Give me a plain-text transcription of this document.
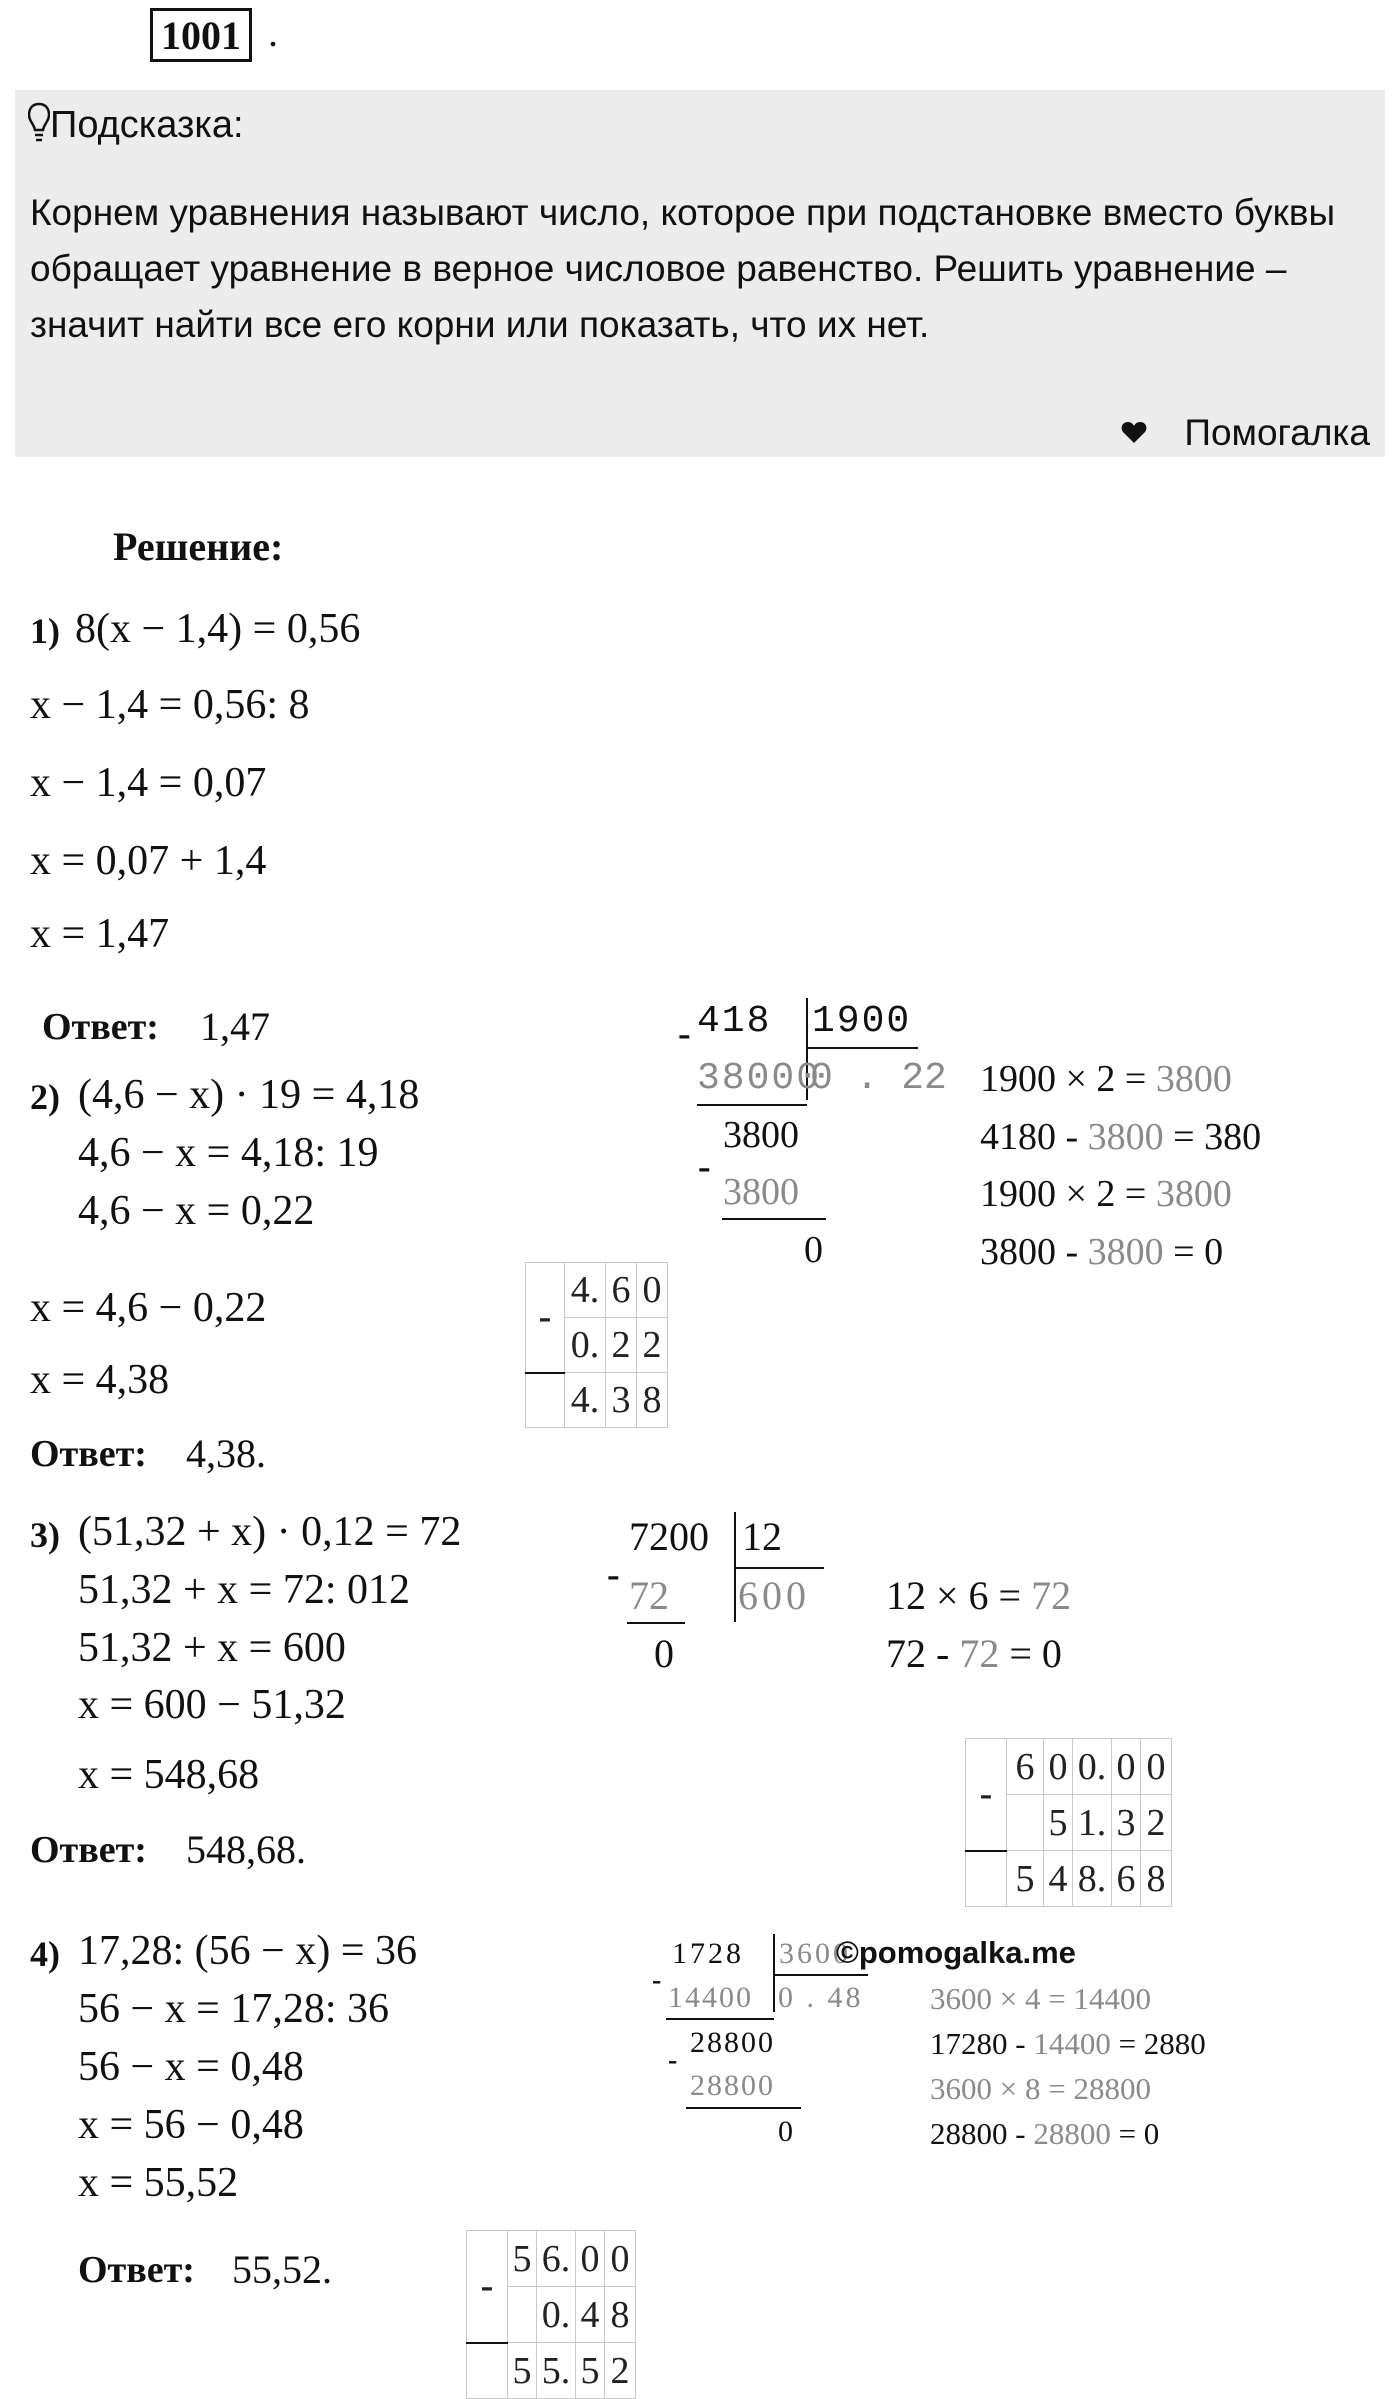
1001 .
Подсказка:
Корнем уравнения называют число, которое при подстановке вместо буквы обращает уравнение в верное числовое равенство. Решить уравнение – значит найти все его корни или показать, что их нет.
Помогалка
Решение:
1) 8(x − 1,4) = 0,56
x − 1,4 = 0,56: 8
x − 1,4 = 0,07
x = 0,07 + 1,4
x = 1,47
Ответ: 1,47	- 418 1900
38000
0 . 22
-
3800
3800
0
1900 × 2 = 3800
4180 - 3800 = 380
1900 × 2 = 3800
3800 - 3800 = 0
2) (4,6 − x) · 19 = 4,18
4,6 − x = 4,18: 19
4,6 − x = 0,22
x = 4,6 − 0,22
x = 4,38
Ответ: 4,38.
-	4.	6	0
	0.	2	2
	4.	3	8
3) (51,32 + x) · 0,12 = 72
51,32 + x = 72: 012
51,32 + x = 600
x = 600 − 51,32
x = 548,68
Ответ: 548,68.
-
7200 12
72 600
0
12 × 6 = 72
72 - 72 = 0
-	6	0	0.	0	0
		5	1.	3	2
	5	4	8.	6	8
4) 17,28: (56 − x) = 36
56 − x = 17,28: 36
56 − x = 0,48
x = 56 − 0,48
x = 55,52
Ответ: 55,52.
-
1728 3600
14400 0 . 48
-
28800
28800
0
©pomogalka.me
3600 × 4 = 14400
17280 - 14400 = 2880
3600 × 8 = 28800
28800 - 28800 = 0
-	5	6.	0	0
		0.	4	8
	5	5.	5	2
